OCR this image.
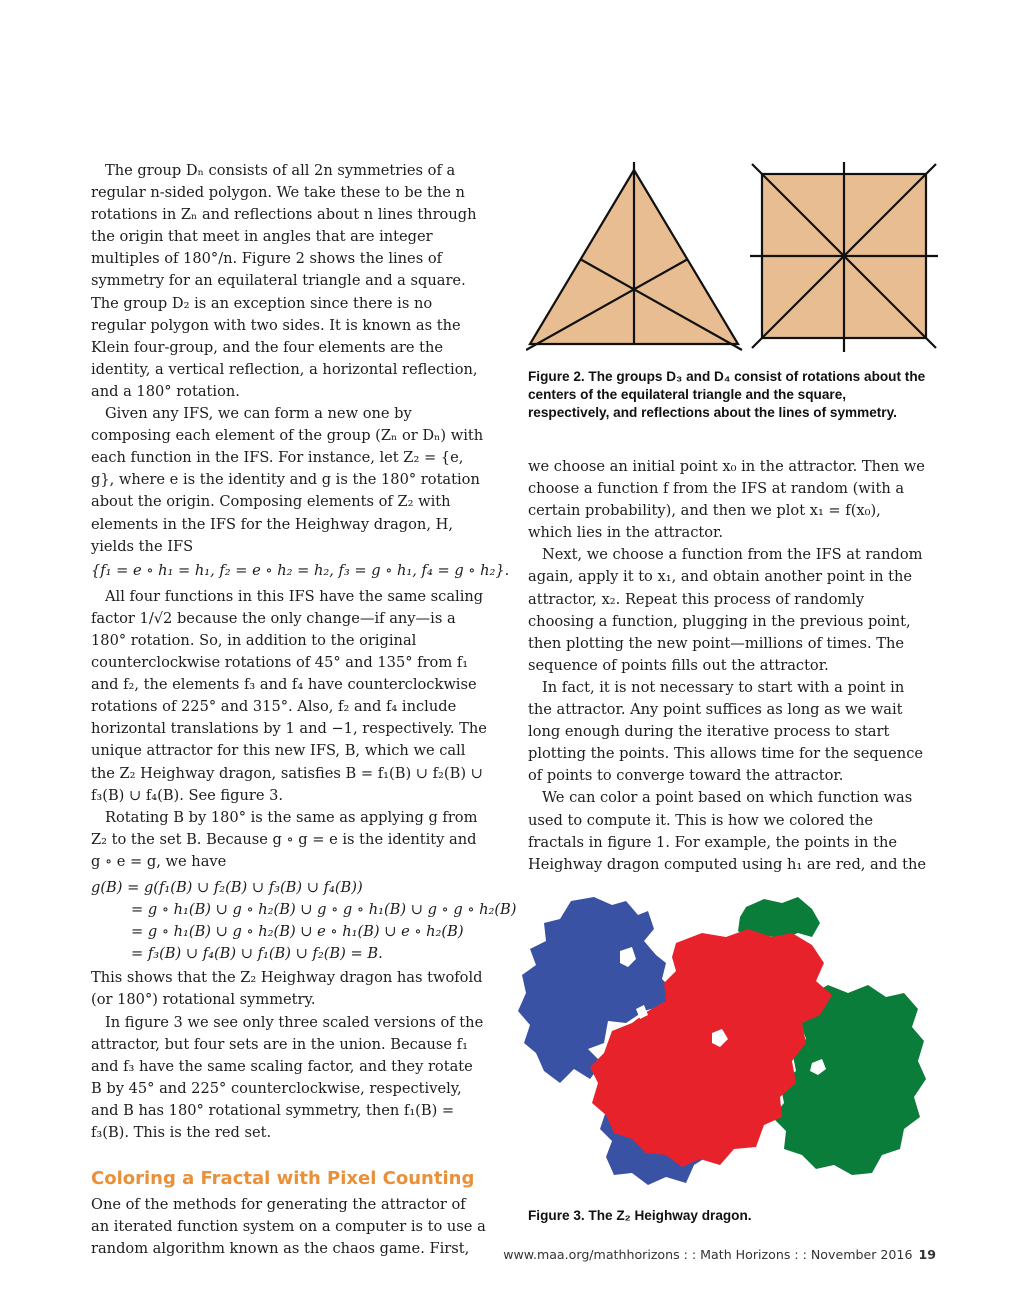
The group Dₙ consists of all 2n symmetries of a regular n-sided polygon. We take these to be the n rotations in Zₙ and reflections about n lines through the origin that meet in angles that are integer multiples of 180°/n. Figure 2 shows the lines of symmetry for an equilateral triangle and a square. The group D₂ is an exception since there is no regular polygon with two sides. It is known as the Klein four-group, and the four elements are the identity, a vertical reflection, a horizontal reflection, and a 180° rotation.

Given any IFS, we can form a new one by composing each element of the group (Zₙ or Dₙ) with each function in the IFS. For instance, let Z₂ = {e, g}, where e is the identity and g is the 180° rotation about the origin. Composing elements of Z₂ with elements in the IFS for the Heighway dragon, H, yields the IFS

{f₁ = e ∘ h₁ = h₁, f₂ = e ∘ h₂ = h₂, f₃ = g ∘ h₁, f₄ = g ∘ h₂}.

All four functions in this IFS have the same scaling factor 1/√2 because the only change—if any—is a 180° rotation. So, in addition to the original counterclockwise rotations of 45° and 135° from f₁ and f₂, the elements f₃ and f₄ have counterclockwise rotations of 225° and 315°. Also, f₂ and f₄ include horizontal translations by 1 and −1, respectively. The unique attractor for this new IFS, B, which we call the Z₂ Heighway dragon, satisfies B = f₁(B) ∪ f₂(B) ∪ f₃(B) ∪ f₄(B). See figure 3.

Rotating B by 180° is the same as applying g from Z₂ to the set B. Because g ∘ g = e is the identity and g ∘ e = g, we have

g(B) = g(f₁(B) ∪ f₂(B) ∪ f₃(B) ∪ f₄(B))
= g ∘ h₁(B) ∪ g ∘ h₂(B) ∪ g ∘ g ∘ h₁(B) ∪ g ∘ g ∘ h₂(B)
= g ∘ h₁(B) ∪ g ∘ h₂(B) ∪ e ∘ h₁(B) ∪ e ∘ h₂(B)
= f₃(B) ∪ f₄(B) ∪ f₁(B) ∪ f₂(B) = B.

This shows that the Z₂ Heighway dragon has twofold (or 180°) rotational symmetry.

In figure 3 we see only three scaled versions of the attractor, but four sets are in the union. Because f₁ and f₃ have the same scaling factor, and they rotate B by 45° and 225° counterclockwise, respectively, and B has 180° rotational symmetry, then f₁(B) = f₃(B). This is the red set.

Coloring a Fractal with Pixel Counting

One of the methods for generating the attractor of an iterated function system on a computer is to use a random algorithm known as the chaos game. First,

Figure 2. The groups D₃ and D₄ consist of rotations about the centers of the equilateral triangle and the square, respectively, and reflections about the lines of symmetry.

we choose an initial point x₀ in the attractor. Then we choose a function f from the IFS at random (with a certain probability), and then we plot x₁ = f(x₀), which lies in the attractor.

Next, we choose a function from the IFS at random again, apply it to x₁, and obtain another point in the attractor, x₂. Repeat this process of randomly choosing a function, plugging in the previous point, then plotting the new point—millions of times. The sequence of points fills out the attractor.

In fact, it is not necessary to start with a point in the attractor. Any point suffices as long as we wait long enough during the iterative process to start plotting the points. This allows time for the sequence of points to converge toward the attractor.

We can color a point based on which function was used to compute it. This is how we colored the fractals in figure 1. For example, the points in the Heighway dragon computed using h₁ are red, and the

Figure 3. The Z₂ Heighway dragon.
www.maa.org/mathhorizons : : Math Horizons : : November 2016 19
